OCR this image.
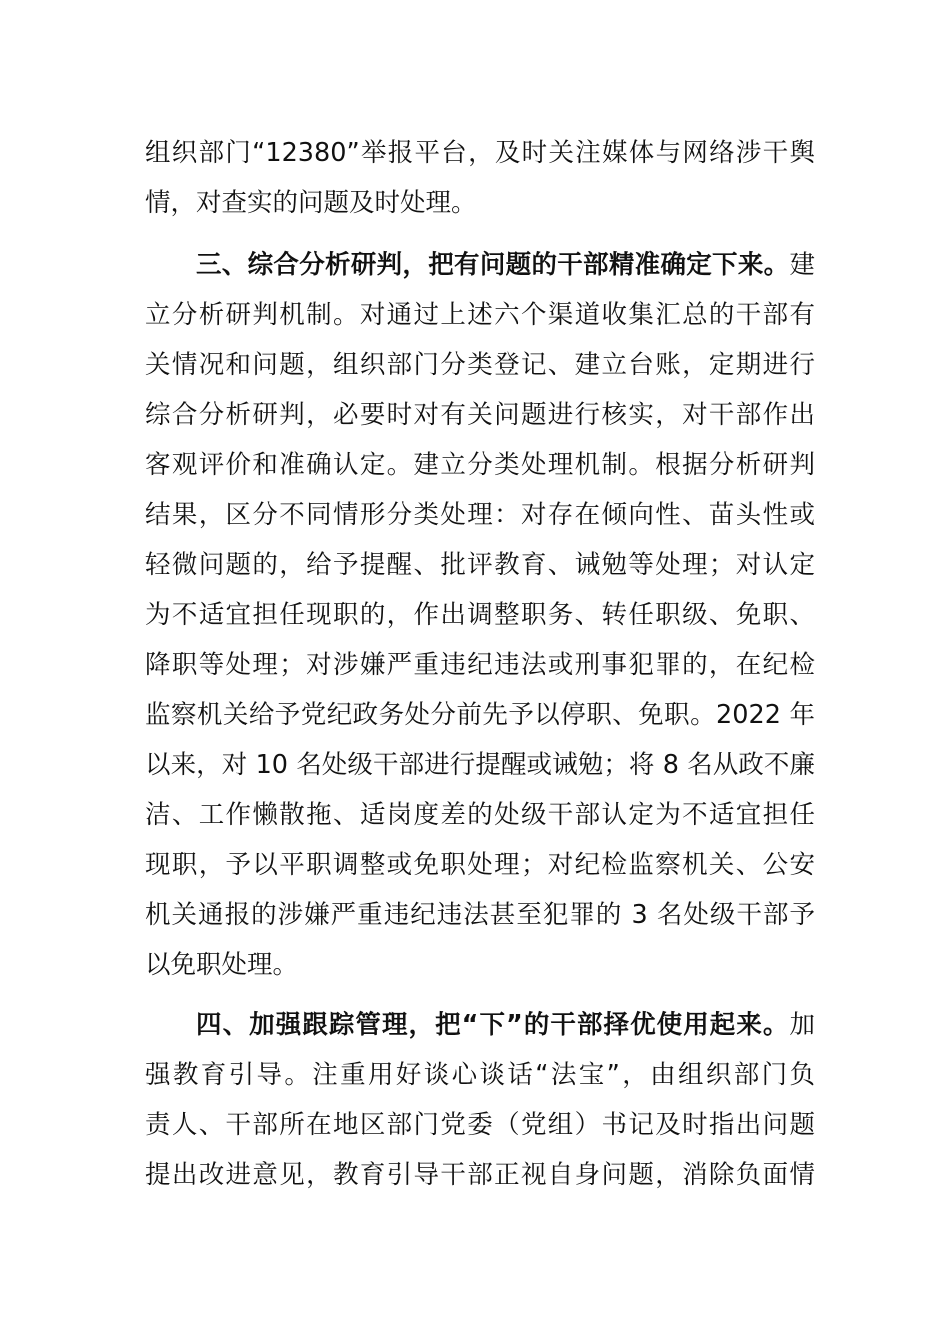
组织部门“12380”举报平台，及时关注媒体与网络涉干舆
情，对查实的问题及时处理。
三、综合分析研判，把有问题的干部精准确定下来。建
立分析研判机制。对通过上述六个渠道收集汇总的干部有
关情况和问题，组织部门分类登记、建立台账，定期进行
综合分析研判，必要时对有关问题进行核实，对干部作出
客观评价和准确认定。建立分类处理机制。根据分析研判
结果，区分不同情形分类处理：对存在倾向性、苗头性或
轻微问题的，给予提醒、批评教育、诫勉等处理；对认定
为不适宜担任现职的，作出调整职务、转任职级、免职、
降职等处理；对涉嫌严重违纪违法或刑事犯罪的，在纪检
监察机关给予党纪政务处分前先予以停职、免职。2022 年
以来，对 10 名处级干部进行提醒或诫勉；将 8 名从政不廉
洁、工作懒散拖、适岗度差的处级干部认定为不适宜担任
现职，予以平职调整或免职处理；对纪检监察机关、公安
机关通报的涉嫌严重违纪违法甚至犯罪的 3 名处级干部予
以免职处理。
四、加强跟踪管理，把“下”的干部择优使用起来。加
强教育引导。注重用好谈心谈话“法宝”，由组织部门负
责人、干部所在地区部门党委（党组）书记及时指出问题
提出改进意见，教育引导干部正视自身问题，消除负面情
